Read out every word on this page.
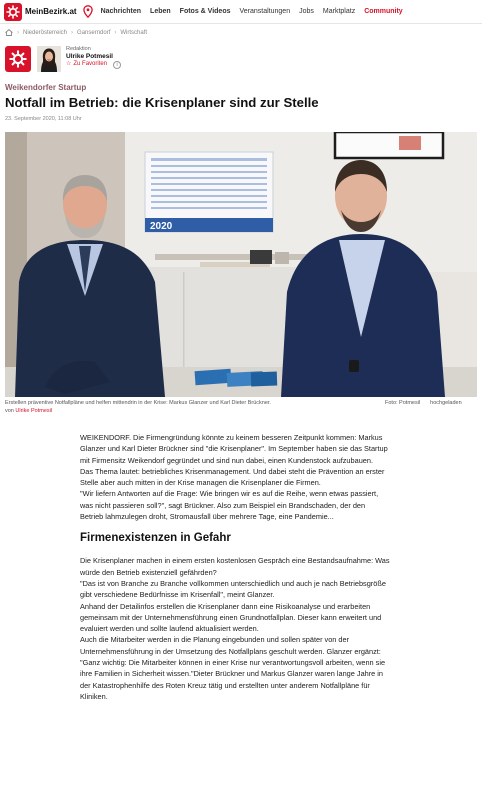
MeinBezirk.at	Nachrichten Leben Fotos & Videos Veranstaltungen Jobs Marktplatz Community
› Niederösterreich › Ganserndorf › Wirtschaft
Redaktion
Ulrike Potmesil
☆ Zu Favoriten	i
Weikendorfer Startup
Notfall im Betrieb: die Krisenplaner sind zur Stelle
23. September 2020, 11:08 Uhr
2020
Erstellen präventive Notfallpläne und helfen mittendrin in der Krise: Markus Glanzer und Karl Dieter Brückner.	Foto: Potmesil hochgeladen
von Ulrike Potmesil

WEIKENDORF. Die Firmengründung könnte zu keinem besseren Zeitpunkt kommen: Markus Glanzer und Karl Dieter Brückner sind "die Krisenplaner". Im September haben sie das Startup mit Firmensitz Weikendorf gegründet und sind nun dabei, einen Kundenstock aufzubauen.

Das Thema lautet: betriebliches Krisenmanagement. Und dabei steht die Prävention an erster Stelle aber auch mitten in der Krise managen die Krisenplaner die Firmen.

"Wir liefern Antworten auf die Frage: Wie bringen wir es auf die Reihe, wenn etwas passiert, was nicht passieren soll?", sagt Brückner. Also zum Beispiel ein Brandschaden, der den Betrieb lahmzulegen droht, Stromausfall über mehrere Tage, eine Pandemie...

Firmenexistenzen in Gefahr

Die Krisenplaner machen in einem ersten kostenlosen Gespräch eine Bestandsaufnahme: Was würde den Betrieb existenziell gefährden?

"Das ist von Branche zu Branche vollkommen unterschiedlich und auch je nach Betriebsgröße gibt verschiedene Bedürfnisse im Krisenfall", meint Glanzer.

Anhand der Detailinfos erstellen die Krisenplaner dann eine Risikoanalyse und erarbeiten gemeinsam mit der Unternehmensführung einen Grundnotfallplan. Dieser kann erweitert und evaluiert werden und sollte laufend aktualisiert werden.

Auch die Mitarbeiter werden in die Planung eingebunden und sollen später von der Unternehmensführung in der Umsetzung des Notfallplans geschult werden. Glanzer ergänzt: "Ganz wichtig: Die Mitarbeiter können in einer Krise nur verantwortungsvoll arbeiten, wenn sie ihre Familien in Sicherheit wissen."Dieter Brückner und Markus Glanzer waren lange Jahre in der Katastrophenhilfe des Roten Kreuz tätig und erstellten unter anderem Notfallpläne für Kliniken.
